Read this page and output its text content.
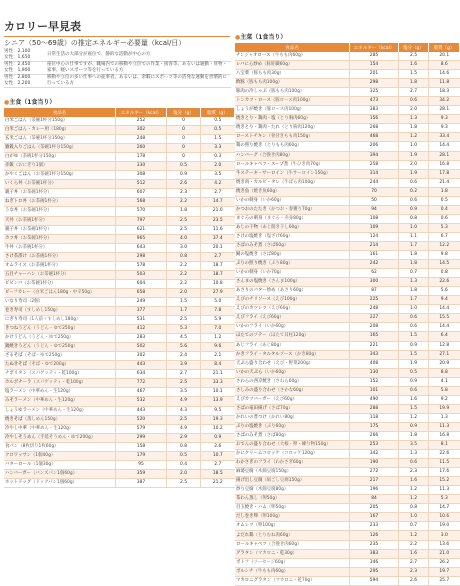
カロリー早見表

シニア（50〜69歳）の推定エネルギー必要量（kcal/日）

男性：2,100
女性：1,650	日常生活の大部分が座位で、静的な活動が中心の方

男性：2,450
女性：1,900	座位中心の仕事ですが、職場内での移動や立位での作業・接客等、あるいは通勤・買物・家事、軽いスポーツ等を行っている方

男性：2,800
女性：2,200	移動や立位の多い仕事への従事者。あるいは、余暇にスポーツ等の活発な運動を習慣的に行っている方
●主食（1食当り）
食品名	エネルギー（kcal）	塩分（g）	脂質（g）
白米ごはん（茶碗1杯分150g）	252	0	0.5
白米ごはん・カレー用（180g）	302	0	0.5
玄米ごはん（茶碗1杯分150g）	248	0	1.5
雑穀入りごはん（茶碗1杯分150g）	260	0	3.3
白がゆ（茶碗1杯分150g）	178	0	0.3
赤飯（おにぎり1個）	330	0.5	2.0
かやくごはん（お茶碗1杯分150g）	308	0.9	3.5
いくら丼（お茶碗1杯分）	512	2.6	4.2
親子丼（お茶碗1杯分）	607	2.3	2.7
ねぎトロ丼（お茶碗1杯分）	568	2.2	14.7
うな丼（お茶碗1杯分）	570	1.8	21.0
天丼（お茶碗1杯分）	797	2.5	23.5
親子丼（お茶碗1杯分）	621	2.5	11.6
カツ丼（お茶碗1杯分）	965	4.0	37.4
牛丼（お茶碗1杯分）	643	3.0	20.1
さけ茶漬け（お茶碗1杯分）	298	0.8	2.7
オムライス（お茶碗1杯分）	578	2.2	18.7
五目チャーハン（お茶碗1杯分）	503	2.2	18.7
ビビンバ（お茶碗1杯分）	604	2.2	10.8
ビーフカレー（白米ごはん180g・中辛50g）	658	2.0	27.9
いなり寿司（2個）	249	1.5	5.0
巻き寿司（すしめし150g）	377	1.7	7.8
にぎり寿司（1人前＋すしめし180g）	531	2.5	5.9
きつねうどん（うどん・ゆで250g）	412	5.3	7.0
かけうどん（うどん・ゆで250g）	283	4.5	1.2
鍋焼きうどん（うどん・ゆで250g）	502	5.6	9.6
ざるそば（そば・ゆで250g）	302	2.4	2.1
たぬきそば（そば・ゆで200g）	443	3.9	8.4
ナポリタン（スパゲッティ・乾100g）	634	2.7	21.1
カルボナーラ（スパゲッティ・乾100g）	772	2.5	33.3
塩ラーメン（中華めん・生120g）	467	3.5	10.1
みそラーメン（中華めん・生120g）	532	4.9	13.9
しょうゆラーメン（中華めん・生120g）	443	4.3	9.5
焼きそば（蒸しめん150g）	520	2.5	19.3
冷やし中華（中華めん・生120g）	579	4.9	10.2
冷やしそうめん（手延そうめん・ゆで200g）	299	2.9	0.9
食パン（8枚切り1枚60g）	158	0.8	2.6
クロワッサン（1個40g）	179	0.5	10.7
バターロール（1個30g）	95	0.4	2.7
ハンバーガー（バンズパン1個60g）	359	2.0	18.5
ホットドッグ（ドッグパン1個60g）	387	2.5	21.2
●主菜（1食当り）
食品名	エネルギー（kcal）	塩分（g）	脂質（g）
チンジャオロース（牛もも肉60g）	285	2.5	20.1
レバにら炒め（豚肝臓60g）	154	1.6	8.6
八宝菜（豚もも肉30g）	201	1.5	14.6
酢豚（豚もも肉100g）	298	1.8	11.8
豚肉の冷しゃぶ（豚もも肉100g）	325	2.7	18.3
トンカツ・ロース（豚ロース肉100g）	473	0.6	34.2
しょうが焼き（豚ロース肉100g）	383	2.0	28.1
焼きとり・鶏肉・塩（とり胸肉60g）	156	1.3	9.3
焼きとり・鶏肉・たれ（とり胸肉120g）	268	1.8	9.3
ローストチキン（骨付きもも肉150g）	468	1.2	33.4
鶏の照り焼き（とりもも肉60g）	206	1.0	14.4
ハンバーグ（合挽き肉80g）	394	1.9	28.1
ロールキャベツ・スープ煮（牛ひき肉70g）	258	2.0	16.8
牛ステーキ・サーロイン（牛サーロイン150g）	314	1.9	17.8
焼き肉・カルビ・タレ（牛ばら肉100g）	244	0.6	21.4
焼き魚（焼き魚60g）	70	0.2	1.8
いかの刺身（いか60g）	50	0.6	0.5
かつおのたたき（かつお・春獲り70g）	94	0.9	0.4
まぐろの刺身（まぐろ・赤身80g）	108	0.8	0.6
あじの干物（あじ開き干し60g）	109	1.0	5.3
さけの塩焼き（塩ざけ60g）	124	1.1	6.7
さばのみそ煮（さば60g）	214	1.7	12.2
鯖の塩焼き（さば80g）	161	1.8	9.8
ぶりの照り焼き（ぶり80g）	242	1.8	14.5
いかの刺身（いか70g）	62	0.7	0.8
さんまの塩焼き（さんま100g）	300	1.3	22.6
あさりのバター炒め（あさり60g）	87	1.8	5.6
えびのチリソース（えび100g）	225	1.7	9.4
えびのカツレツ（えび60g）	248	1.0	14.4
えびフライ（えび60g）	227	0.6	15.5
いかのフライ（いか60g）	208	0.6	14.4
ほたてのソテー（ほたて貝柱120g）	165	1.5	6.4
あじフライ（あじ80g）	221	0.9	12.8
かきフライ・タルタルソース（かき80g）	343	1.5	27.1
天ぷら盛り合わせ（えび・野菜200g）	408	1.9	20.9
いかの天ぷら（いか60g）	130	0.5	8.8
さわらの西京焼き（さわら60g）	152	0.9	4.1
さしみの盛り合わせ（さかな60g）	101	0.6	5.8
えびカツバーガー（えび60g）	490	1.6	9.2
さばの竜田揚げ（さば70g）	288	1.5	19.9
かれいの煮つけ（かれい80g）	118	1.2	1.3
ぶりの塩焼き（ぶり60g）	175	0.9	11.3
さばのみそ煮（さば80g）	266	1.8	16.8
おでんの盛り合わせ（大根・卵・練り物150g）	253	3.5	8.1
かにクリームコロッケ（コロッケ120g）	342	1.3	22.6
わかさぎのフライ（わかさぎ60g）	190	0.6	11.5
麻婆豆腐（木綿豆腐150g）	272	2.3	17.6
揚げ出し豆腐（絹ごし豆腐150g）	217	1.6	15.2
炒り豆腐（木綿豆腐80g）	196	1.2	11.3
茶わん蒸し（卵50g）	84	1.2	5.3
目玉焼き・ハム（卵50g）	205	0.8	14.7
だし巻き卵（卵100g）	167	1.0	10.6
オムレツ（卵100g）	233	0.7	19.0
よだれ鶏（とりむね肉60g）	126	1.2	3.0
ロールキャベツ（合挽き肉60g）	235	2.2	13.6
グラタン（マカロニ・乾30g）	383	1.6	21.0
ポトフ（ソーセージ60g）	346	2.7	26.2
ボルシチ（牛もも肉60g）	295	2.3	19.7
マカロニグラタン（マカロニ・乾70g）	594	2.6	25.7
